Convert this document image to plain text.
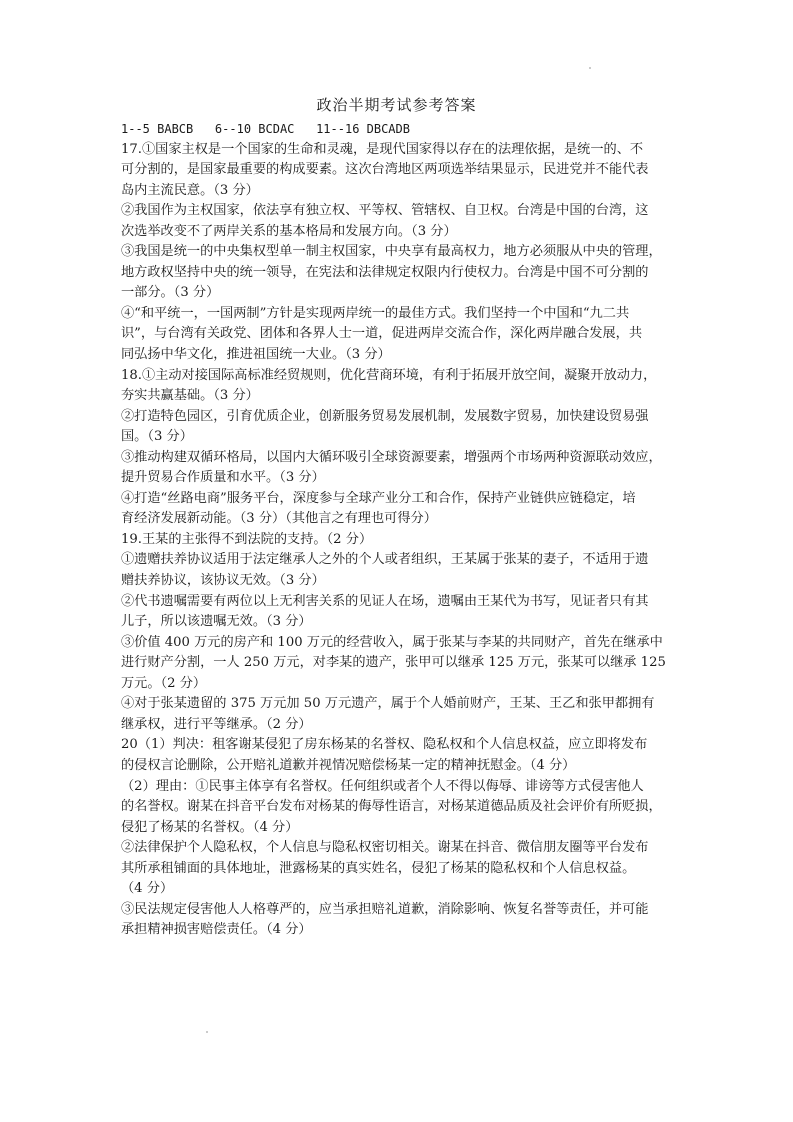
政治半期考试参考答案
1--5 BABCB   6--10 BCDAC   11--16 DBCADB
17.①国家主权是一个国家的生命和灵魂，是现代国家得以存在的法理依据，是统一的、不
可分割的，是国家最重要的构成要素。这次台湾地区两项选举结果显示，民进党并不能代表
岛内主流民意。（3 分）
②我国作为主权国家，依法享有独立权、平等权、管辖权、自卫权。台湾是中国的台湾，这
次选举改变不了两岸关系的基本格局和发展方向。（3 分）
③我国是统一的中央集权型单一制主权国家，中央享有最高权力，地方必须服从中央的管理，
地方政权坚持中央的统一领导，在宪法和法律规定权限内行使权力。台湾是中国不可分割的
一部分。（3 分）
④“和平统一，一国两制”方针是实现两岸统一的最佳方式。我们坚持一个中国和“九二共
识”，与台湾有关政党、团体和各界人士一道，促进两岸交流合作，深化两岸融合发展，共
同弘扬中华文化，推进祖国统一大业。（3 分）
18.①主动对接国际高标准经贸规则，优化营商环境，有利于拓展开放空间，凝聚开放动力，
夯实共赢基础。（3 分）
②打造特色园区，引育优质企业，创新服务贸易发展机制，发展数字贸易，加快建设贸易强
国。（3 分）
③推动构建双循环格局，以国内大循环吸引全球资源要素，增强两个市场两种资源联动效应，
提升贸易合作质量和水平。（3 分）
④打造“丝路电商”服务平台，深度参与全球产业分工和合作，保持产业链供应链稳定，培
育经济发展新动能。（3 分）（其他言之有理也可得分）
19.王某的主张得不到法院的支持。（2 分）
①遗赠扶养协议适用于法定继承人之外的个人或者组织，王某属于张某的妻子，不适用于遗
赠扶养协议，该协议无效。（3 分）
②代书遗嘱需要有两位以上无利害关系的见证人在场，遗嘱由王某代为书写，见证者只有其
儿子，所以该遗嘱无效。（3 分）
③价值 400 万元的房产和 100 万元的经营收入，属于张某与李某的共同财产，首先在继承中
进行财产分割，一人 250 万元，对李某的遗产，张甲可以继承 125 万元，张某可以继承 125
万元。（2 分）
④对于张某遗留的 375 万元加 50 万元遗产，属于个人婚前财产，王某、王乙和张甲都拥有
继承权，进行平等继承。（2 分）
20（1）判决：租客谢某侵犯了房东杨某的名誉权、隐私权和个人信息权益，应立即将发布
的侵权言论删除，公开赔礼道歉并视情况赔偿杨某一定的精神抚慰金。（4 分）
（2）理由：①民事主体享有名誉权。任何组织或者个人不得以侮辱、诽谤等方式侵害他人
的名誉权。谢某在抖音平台发布对杨某的侮辱性语言，对杨某道德品质及社会评价有所贬损，
侵犯了杨某的名誉权。（4 分）
②法律保护个人隐私权，个人信息与隐私权密切相关。谢某在抖音、微信朋友圈等平台发布
其所承租铺面的具体地址，泄露杨某的真实姓名，侵犯了杨某的隐私权和个人信息权益。
（4 分）
③民法规定侵害他人人格尊严的，应当承担赔礼道歉，消除影响、恢复名誉等责任，并可能
承担精神损害赔偿责任。（4 分）
